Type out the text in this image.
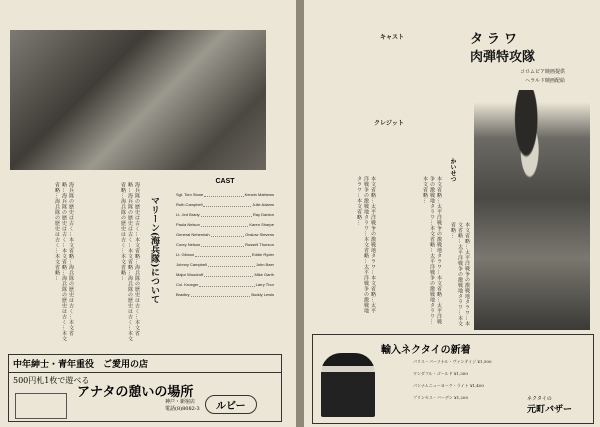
海兵隊の歴史は古く…本文省略…海兵隊の歴史は古く…本文省略…海兵隊の歴史は古く…本文省略…海兵隊の歴史は古く…本文省略…海兵隊の歴史は古く…本文省略…	海兵隊の歴史は古く…本文省略…海兵隊の歴史は古く…本文省略…海兵隊の歴史は古く…本文省略…海兵隊の歴史は古く…本文省略…海兵隊の歴史は古く…本文省略…	マリーン(海兵隊)について
CAST
Sgt. Tom Stone	Kerwin Mathews
Ruth Campbell	Julie Adams
Lt. Jed Brady	Ray Danton
Paula Nelson	Karen Sharpe
General Nehemiah	Onslow Stevens
Corey Nelson	Russell Thorson
Lt. Gibson	Eddie Ryder
Johnny Campbell	John Baer
Major Woodruff	Mike Garth
Col. Krueger	Larry Thor
Bradley	Buddy Lewis
中年紳士・青年重役　ご愛用の店
500円札1枚で遊べる
アナタの憩いの場所
神戸・新宿店
電話(8)8082-3	ルビー
タラワ
肉弾特攻隊
コロムビア映画提供
ヘラルド映画配給
キャスト
クレジット
本文省略…太平洋戦争の激戦地タラワ…本文省略…太平洋戦争の激戦地タラワ…本文省略…太平洋戦争の激戦地タラワ…本文省略…	本文省略…太平洋戦争の激戦地タラワ…本文省略…太平洋戦争の激戦地タラワ…本文省略…太平洋戦争の激戦地タラワ…本文省略…
かいせつ
本文省略…太平洋戦争の激戦地タラワ…本文省略…太平洋戦争の激戦地タラワ…本文省略…
輸入ネクタイの新着
パリス・パーソナル・ヴァンテイジ ¥1,500
ワンダフル・ゴールド ¥1,300
パンナムニューヨーク・ライト ¥1,400
プリンセス・バーデン ¥1,200	ネクタイの
元町バザー
